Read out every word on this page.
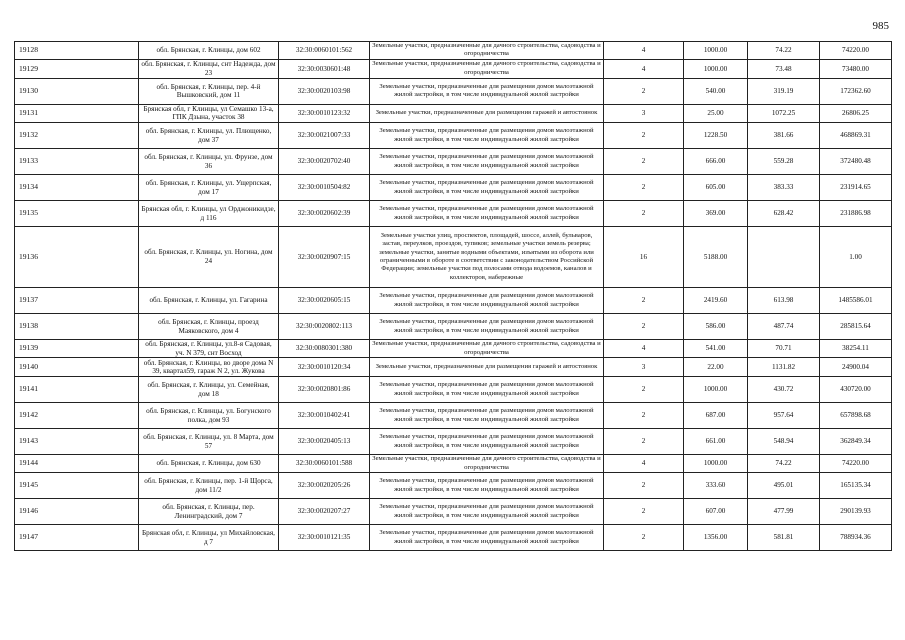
985
19128	обл. Брянская, г. Клинцы, дом 602	32:30:0060101:562	Земельные участки, предназначенные для дачного строительства, садоводства и огородничества	4	1000.00	74.22	74220.00
19129	обл. Брянская, г. Клинцы, снт Надежда, дом 23	32:30:0030601:48	Земельные участки, предназначенные для дачного строительства, садоводства и огородничества	4	1000.00	73.48	73480.00
19130	обл. Брянская, г. Клинцы, пер. 4-й Вышковский, дом 11	32:30:0020103:98	Земельные участки, предназначенные для размещения домов малоэтажной жилой застройки, в том числе индивидуальной жилой застройки	2	540.00	319.19	172362.60
19131	Брянская обл, г Клинцы, ул Семашко 13-а, ГПК Дзына, участок 38	32:30:0010123:32	Земельные участки, предназначенные для размещения гаражей и автостоянок	3	25.00	1072.25	26806.25
19132	обл. Брянская, г. Клинцы, ул. Плющенко, дом 37	32:30:0021007:33	Земельные участки, предназначенные для размещения домов малоэтажной жилой застройки, в том числе индивидуальной жилой застройки	2	1228.50	381.66	468869.31
19133	обл. Брянская, г. Клинцы, ул. Фрунзе, дом 36	32:30:0020702:40	Земельные участки, предназначенные для размещения домов малоэтажной жилой застройки, в том числе индивидуальной жилой застройки	2	666.00	559.28	372480.48
19134	обл. Брянская, г. Клинцы, ул. Ущерпская, дом 17	32:30:0010504:82	Земельные участки, предназначенные для размещения домов малоэтажной жилой застройки, в том числе индивидуальной жилой застройки	2	605.00	383.33	231914.65
19135	Брянская обл, г. Клинцы, ул Орджоникидзе, д 116	32:30:0020602:39	Земельные участки, предназначенные для размещения домов малоэтажной жилой застройки, в том числе индивидуальной жилой застройки	2	369.00	628.42	231886.98
19136	обл. Брянская, г. Клинцы, ул. Ногина, дом 24	32:30:0020907:15	Земельные участки улиц, проспектов, площадей, шоссе, аллей, бульваров, застав, переулков, проездов, тупиков; земельные участки земель резерва; земельные участки, занятые водными объектами, изъятыми из оборота или ограниченными в обороте в соответствии с законодательством Российской Федерации; земельные участки под полосами отвода водоемов, каналов и коллекторов, набережные	16	5188.00		1.00
19137	обл. Брянская, г. Клинцы, ул. Гагарина	32:30:0020605:15	Земельные участки, предназначенные для размещения домов малоэтажной жилой застройки, в том числе индивидуальной жилой застройки	2	2419.60	613.98	1485586.01
19138	обл. Брянская, г. Клинцы, проезд Маяковского, дом 4	32:30:0020802:113	Земельные участки, предназначенные для размещения домов малоэтажной жилой застройки, в том числе индивидуальной жилой застройки	2	586.00	487.74	285815.64
19139	обл. Брянская, г. Клинцы, ул.8-я Садовая, уч. N 379, снт Восход	32:30:0080301:380	Земельные участки, предназначенные для дачного строительства, садоводства и огородничества	4	541.00	70.71	38254.11
19140	обл. Брянская, г. Клинцы, во дворе дома N 39, квартал59, гараж N 2, ул. Жукова	32:30:0010120:34	Земельные участки, предназначенные для размещения гаражей и автостоянок	3	22.00	1131.82	24900.04
19141	обл. Брянская, г. Клинцы, ул. Семейная, дом 18	32:30:0020801:86	Земельные участки, предназначенные для размещения домов малоэтажной жилой застройки, в том числе индивидуальной жилой застройки	2	1000.00	430.72	430720.00
19142	обл. Брянская, г. Клинцы, ул. Богунского полка, дом 93	32:30:0010402:41	Земельные участки, предназначенные для размещения домов малоэтажной жилой застройки, в том числе индивидуальной жилой застройки	2	687.00	957.64	657898.68
19143	обл. Брянская, г. Клинцы, ул. 8 Марта, дом 57	32:30:0020405:13	Земельные участки, предназначенные для размещения домов малоэтажной жилой застройки, в том числе индивидуальной жилой застройки	2	661.00	548.94	362849.34
19144	обл. Брянская, г. Клинцы, дом 630	32:30:0060101:588	Земельные участки, предназначенные для дачного строительства, садоводства и огородничества	4	1000.00	74.22	74220.00
19145	обл. Брянская, г. Клинцы, пер. 1-й Щорса, дом 11/2	32:30:0020205:26	Земельные участки, предназначенные для размещения домов малоэтажной жилой застройки, в том числе индивидуальной жилой застройки	2	333.60	495.01	165135.34
19146	обл. Брянская, г. Клинцы, пер. Ленинградский, дом 7	32:30:0020207:27	Земельные участки, предназначенные для размещения домов малоэтажной жилой застройки, в том числе индивидуальной жилой застройки	2	607.00	477.99	290139.93
19147	Брянская обл, г. Клинцы, ул Михайловская, д 7	32:30:0010121:35	Земельные участки, предназначенные для размещения домов малоэтажной жилой застройки, в том числе индивидуальной жилой застройки	2	1356.00	581.81	788934.36
